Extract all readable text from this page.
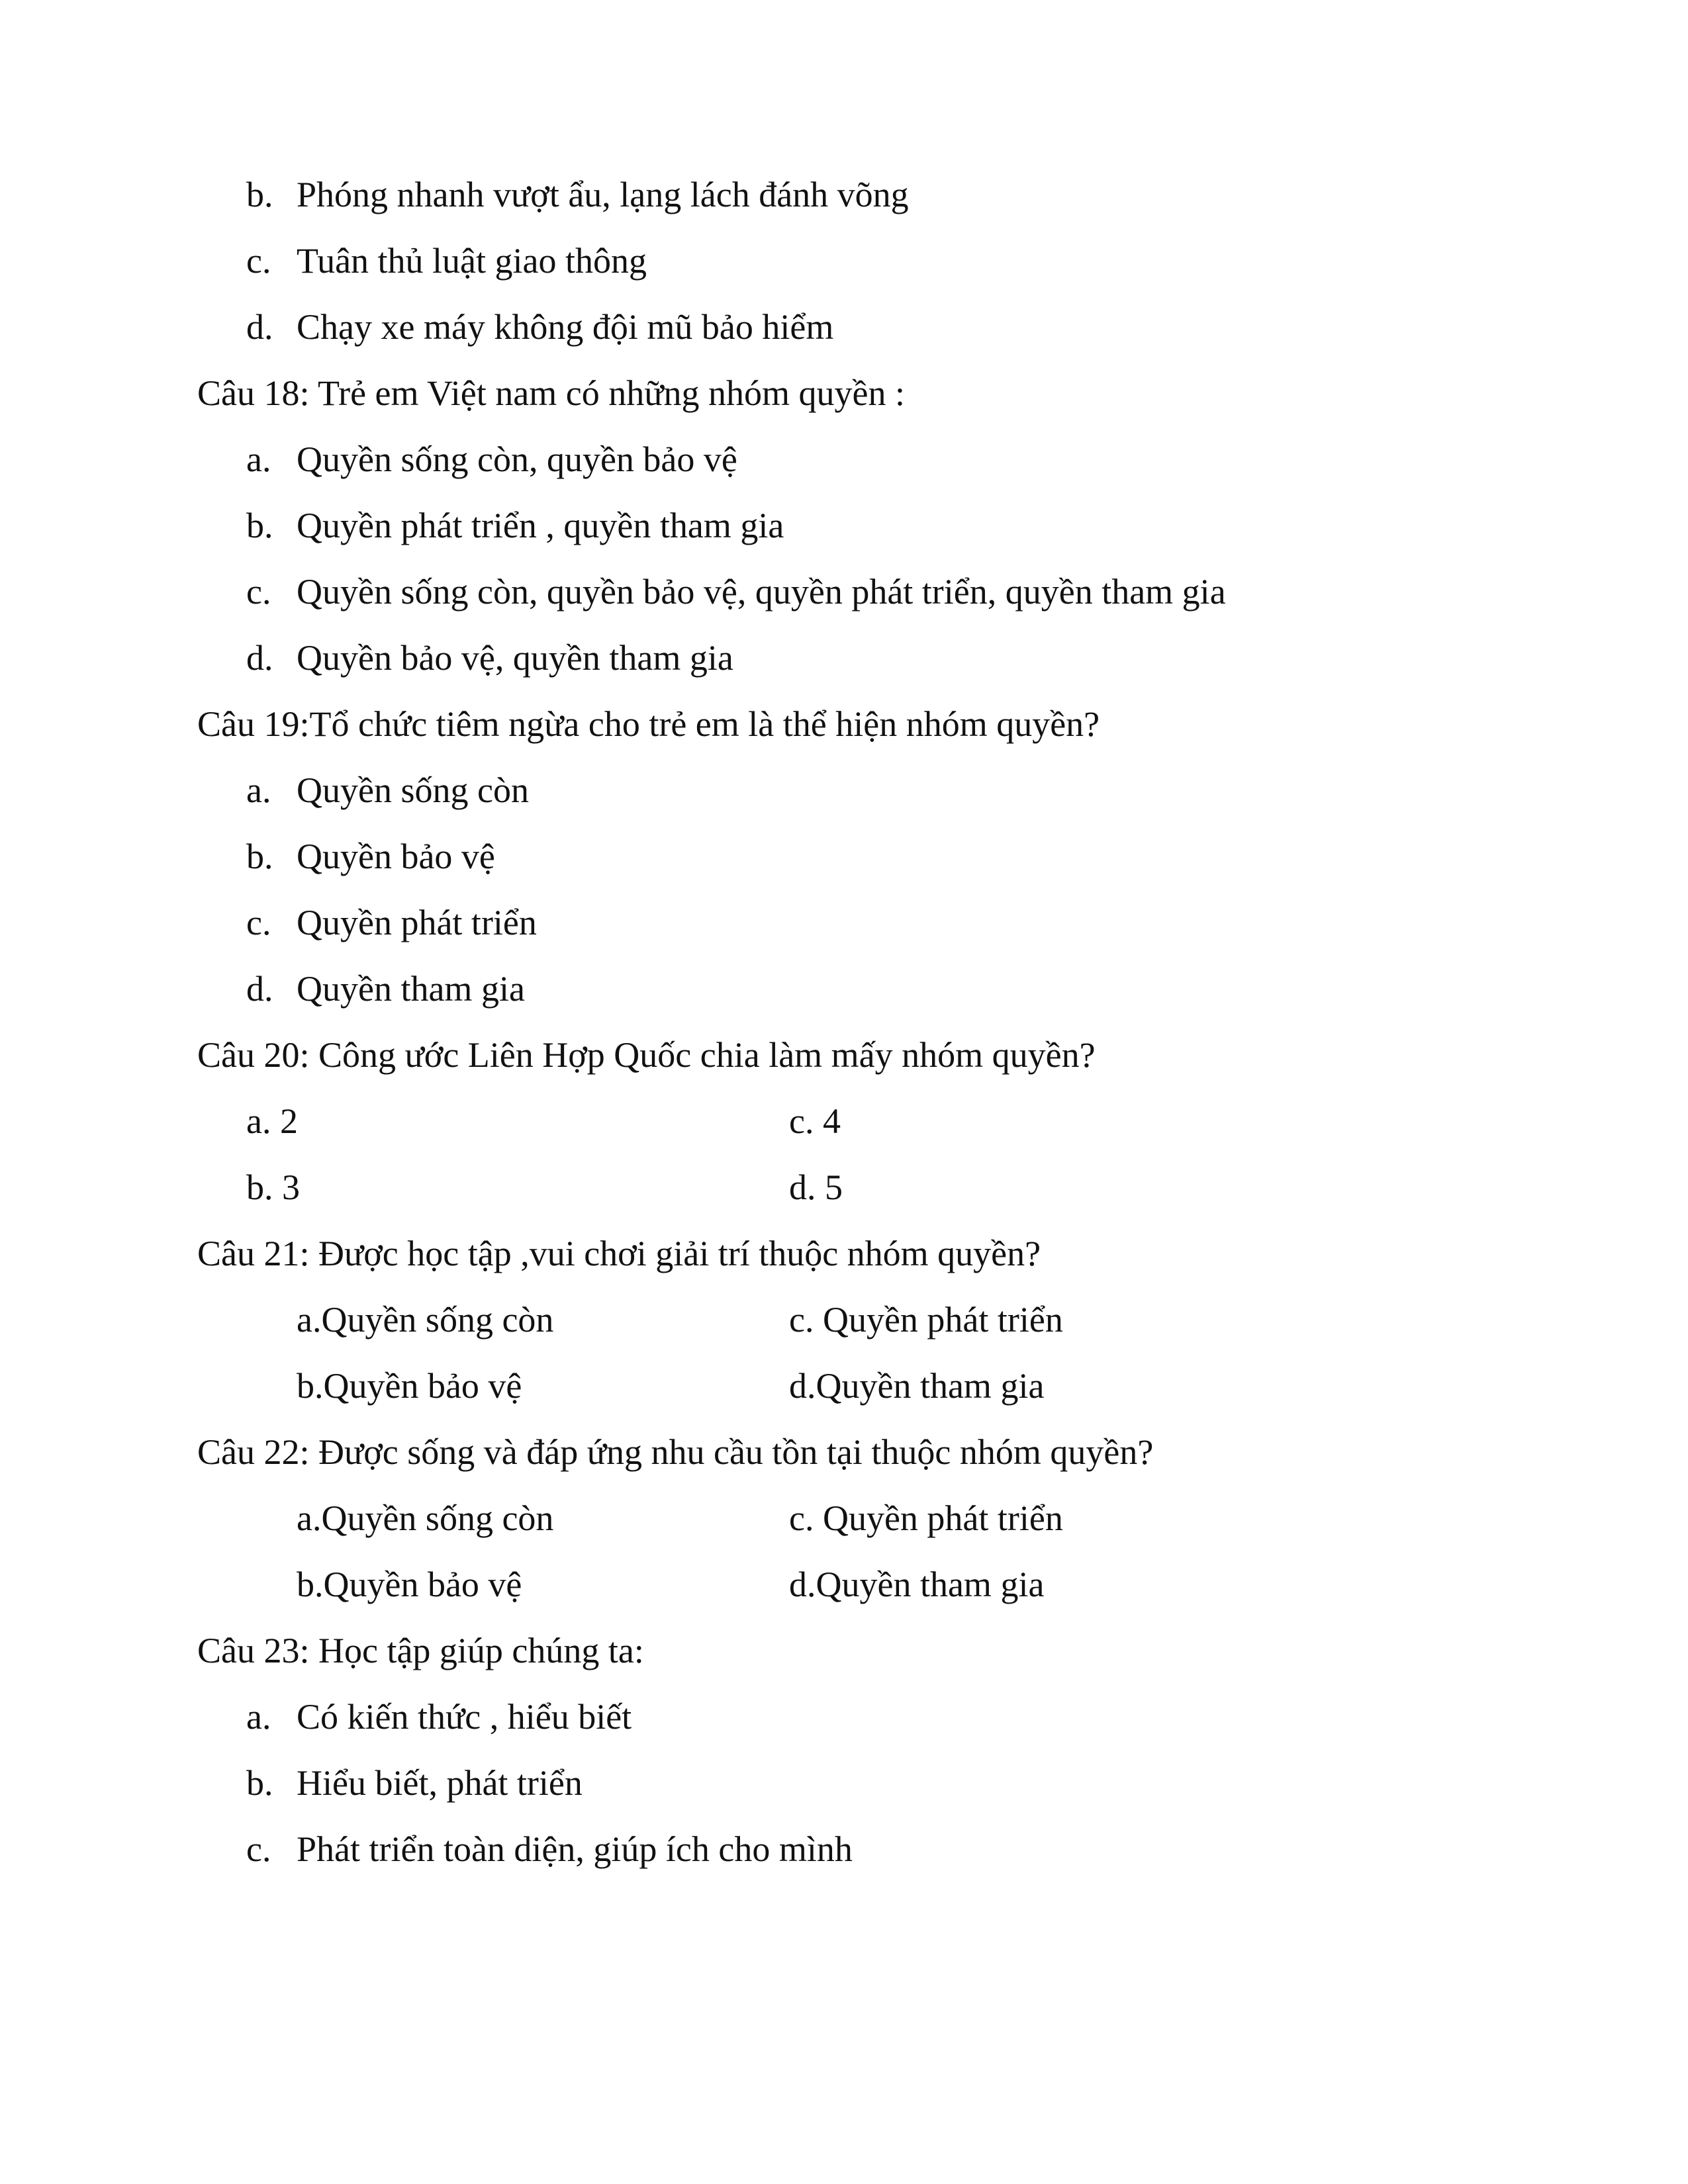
b. Phóng nhanh vượt ẩu, lạng lách đánh võng
c. Tuân thủ luật giao thông
d. Chạy xe máy không đội mũ bảo hiểm
Câu 18: Trẻ em Việt nam có những nhóm quyền :
a. Quyền sống còn, quyền bảo vệ
b. Quyền phát triển , quyền tham gia
c. Quyền sống còn, quyền bảo vệ, quyền phát triển, quyền tham gia
d. Quyền bảo vệ, quyền tham gia
Câu 19:Tổ chức tiêm ngừa cho trẻ em là thể hiện nhóm quyền?
a. Quyền sống còn
b. Quyền bảo vệ
c. Quyền phát triển
d. Quyền tham gia
Câu 20: Công ước Liên Hợp Quốc chia làm mấy nhóm quyền?
a. 2	c. 4
b. 3	d. 5
Câu 21: Được học tập ,vui chơi giải trí thuộc nhóm quyền?
a.Quyền sống còn	c. Quyền phát triển
b.Quyền bảo vệ	d.Quyền tham gia
Câu 22: Được sống và đáp ứng nhu cầu tồn tại thuộc nhóm quyền?
a.Quyền sống còn	c. Quyền phát triển
b.Quyền bảo vệ	d.Quyền tham gia
Câu 23: Học tập giúp chúng ta:
a. Có kiến thức , hiểu biết
b. Hiểu biết, phát triển
c. Phát triển toàn diện, giúp ích cho mình
